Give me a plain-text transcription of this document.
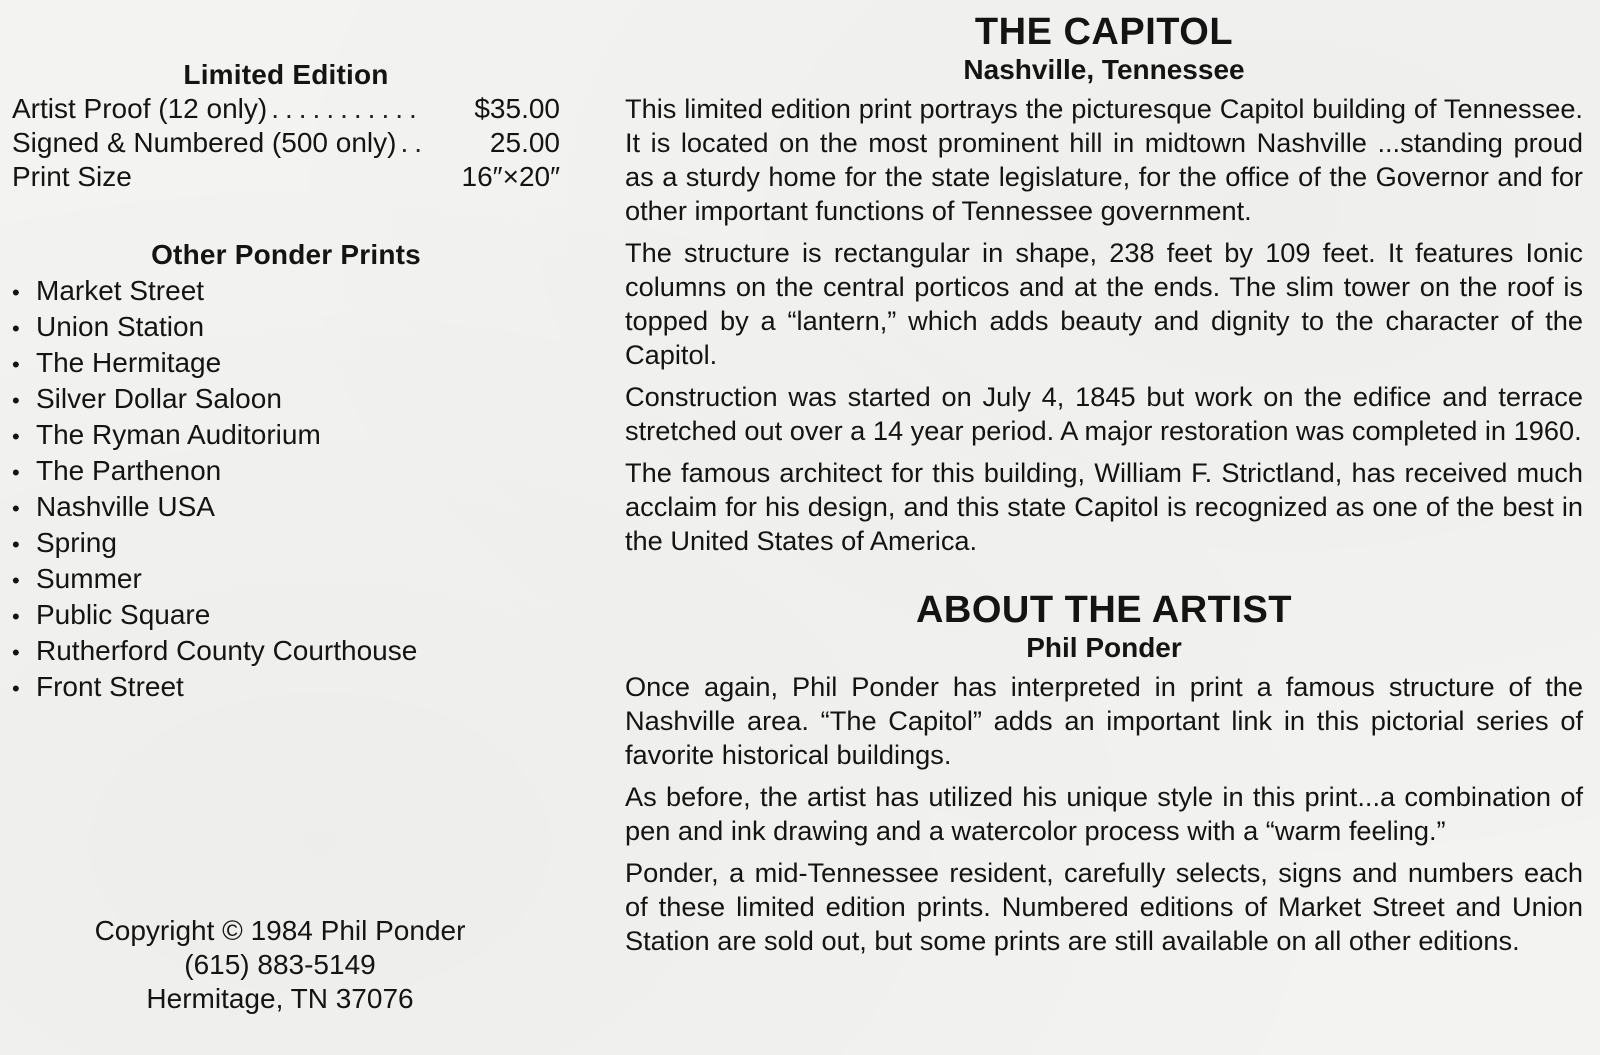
Limited Edition
Artist Proof (12 only) ...........	$35.00
Signed & Numbered (500 only) ..	25.00
Print Size	16″×20″
Other Ponder Prints
• Market Street
• Union Station
• The Hermitage
• Silver Dollar Saloon
• The Ryman Auditorium
• The Parthenon
• Nashville USA
• Spring
• Summer
• Public Square
• Rutherford County Courthouse
• Front Street
Copyright © 1984 Phil Ponder
(615) 883-5149
Hermitage, TN 37076
THE CAPITOL
Nashville, Tennessee

This limited edition print portrays the picturesque Capitol building of Tennessee. It is located on the most prominent hill in midtown Nashville ...standing proud as a sturdy home for the state legislature, for the office of the Governor and for other important functions of Tennessee government.

The structure is rectangular in shape, 238 feet by 109 feet. It features Ionic columns on the central porticos and at the ends. The slim tower on the roof is topped by a “lantern,” which adds beauty and dignity to the character of the Capitol.

Construction was started on July 4, 1845 but work on the edifice and terrace stretched out over a 14 year period. A major restoration was completed in 1960.

The famous architect for this building, William F. Strictland, has received much acclaim for his design, and this state Capitol is recognized as one of the best in the United States of America.

ABOUT THE ARTIST
Phil Ponder

Once again, Phil Ponder has interpreted in print a famous structure of the Nashville area. “The Capitol” adds an important link in this pictorial series of favorite historical buildings.

As before, the artist has utilized his unique style in this print...a combination of pen and ink drawing and a watercolor process with a “warm feeling.”

Ponder, a mid-Tennessee resident, carefully selects, signs and numbers each of these limited edition prints. Numbered editions of Market Street and Union Station are sold out, but some prints are still available on all other editions.
